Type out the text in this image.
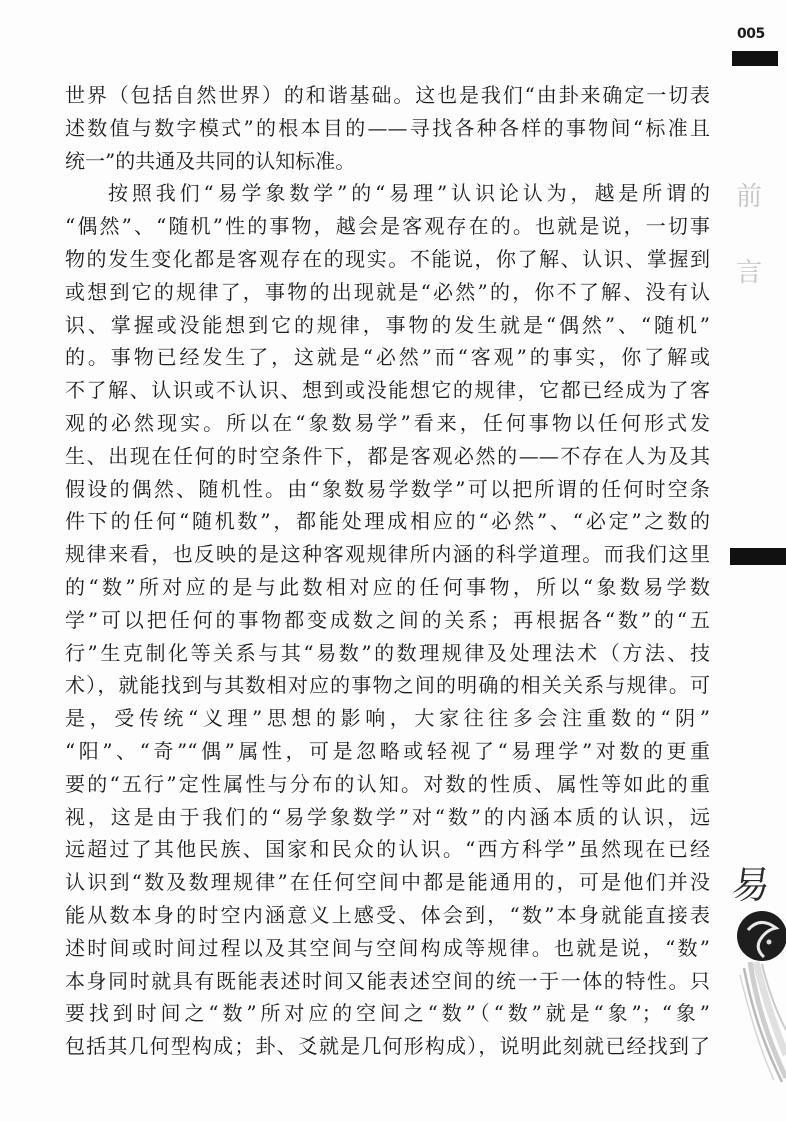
005
前
言
世界（包括自然世界）的和谐基础。这也是我们“由卦来确定一切表
述数值与数字模式”的根本目的——寻找各种各样的事物间“标准且
统一”的共通及共同的认知标准。
按照我们“易学象数学”的“易理”认识论认为，越是所谓的
“偶然”、“随机”性的事物，越会是客观存在的。也就是说，一切事
物的发生变化都是客观存在的现实。不能说，你了解、认识、掌握到
或想到它的规律了，事物的出现就是“必然”的，你不了解、没有认
识、掌握或没能想到它的规律，事物的发生就是“偶然”、“随机”
的。事物已经发生了，这就是“必然”而“客观”的事实，你了解或
不了解、认识或不认识、想到或没能想它的规律，它都已经成为了客
观的必然现实。所以在“象数易学”看来，任何事物以任何形式发
生、出现在任何的时空条件下，都是客观必然的——不存在人为及其
假设的偶然、随机性。由“象数易学数学”可以把所谓的任何时空条
件下的任何“随机数”，都能处理成相应的“必然”、“必定”之数的
规律来看，也反映的是这种客观规律所内涵的科学道理。而我们这里
的“数”所对应的是与此数相对应的任何事物，所以“象数易学数
学”可以把任何的事物都变成数之间的关系；再根据各“数”的“五
行”生克制化等关系与其“易数”的数理规律及处理法术（方法、技
术），就能找到与其数相对应的事物之间的明确的相关关系与规律。可
是，受传统“义理”思想的影响，大家往往多会注重数的“阴”
“阳”、“奇”“偶”属性，可是忽略或轻视了“易理学”对数的更重
要的“五行”定性属性与分布的认知。对数的性质、属性等如此的重
视，这是由于我们的“易学象数学”对“数”的内涵本质的认识，远
远超过了其他民族、国家和民众的认识。“西方科学”虽然现在已经
认识到“数及数理规律”在任何空间中都是能通用的，可是他们并没
能从数本身的时空内涵意义上感受、体会到，“数”本身就能直接表
述时间或时间过程以及其空间与空间构成等规律。也就是说，“数”
本身同时就具有既能表述时间又能表述空间的统一于一体的特性。只
要找到时间之“数”所对应的空间之“数”（“数”就是“象”；“象”
包括其几何型构成；卦、爻就是几何形构成），说明此刻就已经找到了
易
